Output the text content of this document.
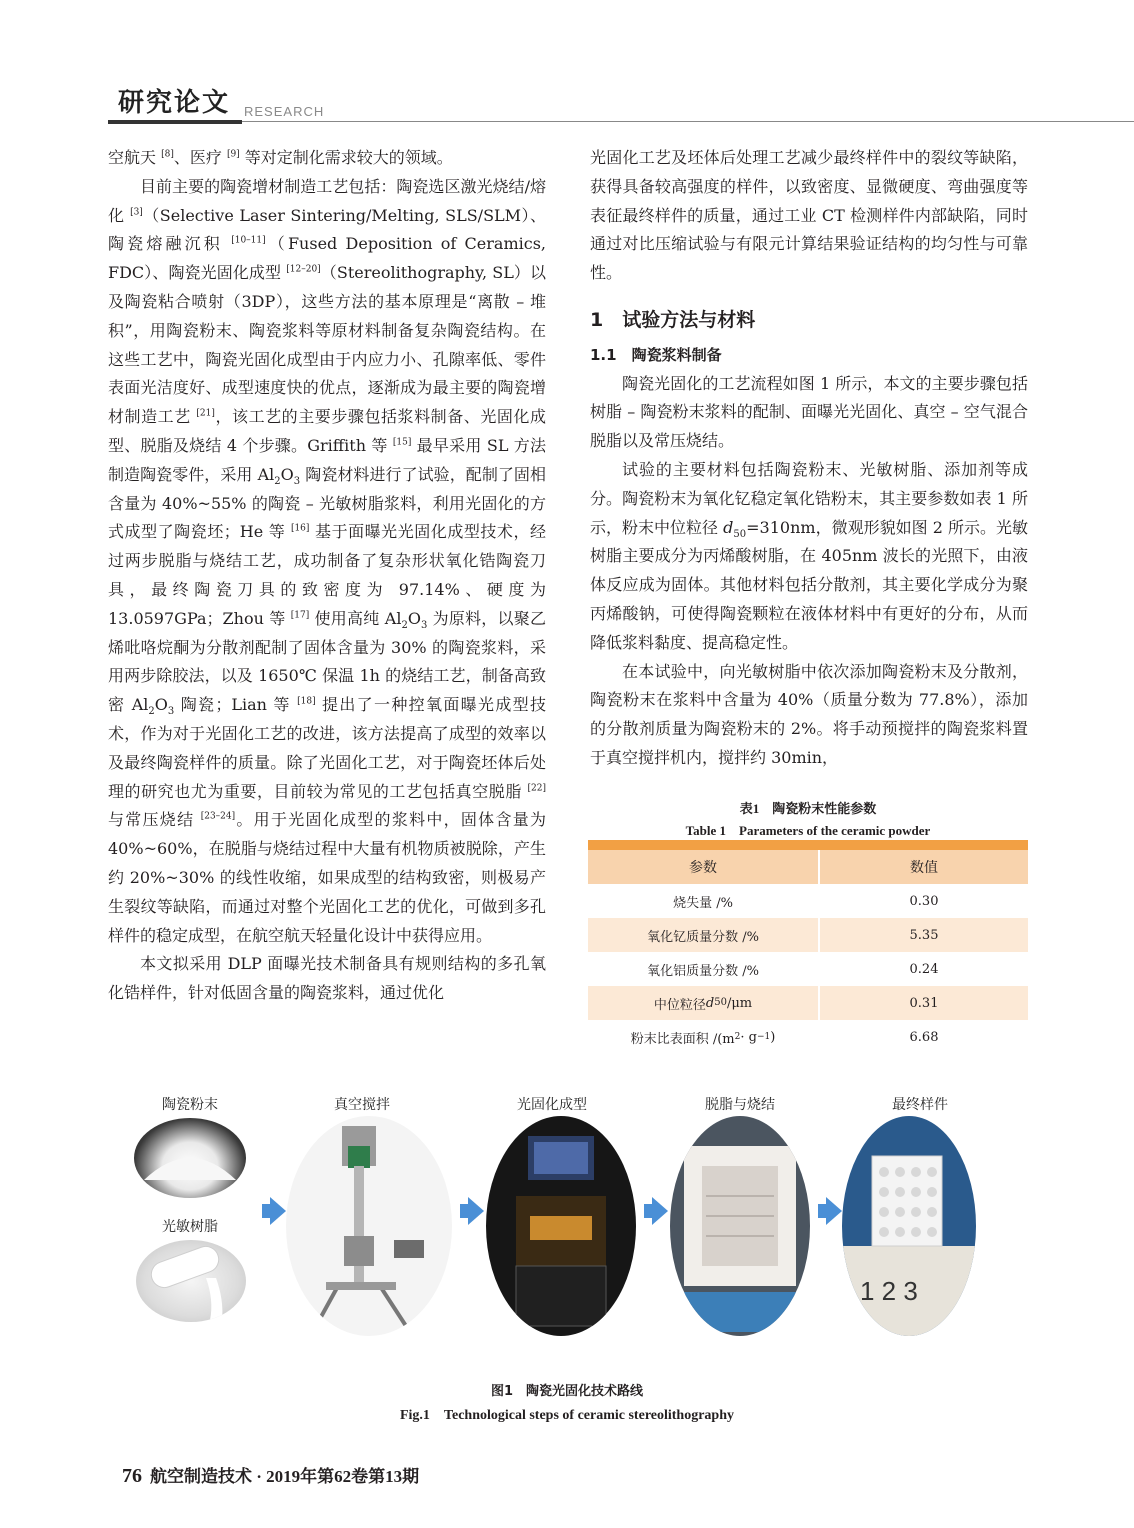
研究论文 RESEARCH

空航天 [8]、医疗 [9] 等对定制化需求较大的领域。

目前主要的陶瓷增材制造工艺包括：陶瓷选区激光烧结/熔化 [3]（Selective Laser Sintering/Melting, SLS/SLM）、陶瓷熔融沉积 [10–11]（Fused Deposition of Ceramics, FDC）、陶瓷光固化成型 [12–20]（Stereolithography, SL）以及陶瓷粘合喷射（3DP），这些方法的基本原理是“离散 – 堆积”，用陶瓷粉末、陶瓷浆料等原材料制备复杂陶瓷结构。在这些工艺中，陶瓷光固化成型由于内应力小、孔隙率低、零件表面光洁度好、成型速度快的优点，逐渐成为最主要的陶瓷增材制造工艺 [21]，该工艺的主要步骤包括浆料制备、光固化成型、脱脂及烧结 4 个步骤。Griffith 等 [15] 最早采用 SL 方法制造陶瓷零件，采用 $Al_2O_3$ 陶瓷材料进行了试验，配制了固相含量为 40%~55% 的陶瓷 – 光敏树脂浆料，利用光固化的方式成型了陶瓷坯；He 等 [16] 基于面曝光光固化成型技术，经过两步脱脂与烧结工艺，成功制备了复杂形状氧化锆陶瓷刀具，最终陶瓷刀具的致密度为 97.14%、硬度为 13.0597GPa；Zhou 等 [17] 使用高纯 $Al_2O_3$ 为原料，以聚乙烯吡咯烷酮为分散剂配制了固体含量为 30% 的陶瓷浆料，采用两步除胶法，以及 1650℃ 保温 1h 的烧结工艺，制备高致密 $Al_2O_3$ 陶瓷；Lian 等 [18] 提出了一种控氧面曝光成型技术，作为对于光固化工艺的改进，该方法提高了成型的效率以及最终陶瓷样件的质量。除了光固化工艺，对于陶瓷坯体后处理的研究也尤为重要，目前较为常见的工艺包括真空脱脂 [22] 与常压烧结 [23–24]。用于光固化成型的浆料中，固体含量为 40%~60%，在脱脂与烧结过程中大量有机物质被脱除，产生约 20%~30% 的线性收缩，如果成型的结构致密，则极易产生裂纹等缺陷，而通过对整个光固化工艺的优化，可做到多孔样件的稳定成型，在航空航天轻量化设计中获得应用。

本文拟采用 DLP 面曝光技术制备具有规则结构的多孔氧化锆样件，针对低固含量的陶瓷浆料，通过优化

光固化工艺及坯体后处理工艺减少最终样件中的裂纹等缺陷，获得具备较高强度的样件，以致密度、显微硬度、弯曲强度等表征最终样件的质量，通过工业 CT 检测样件内部缺陷，同时通过对比压缩试验与有限元计算结果验证结构的均匀性与可靠性。

1　试验方法与材料

1.1　陶瓷浆料制备

陶瓷光固化的工艺流程如图 1 所示，本文的主要步骤包括树脂 – 陶瓷粉末浆料的配制、面曝光光固化、真空 – 空气混合脱脂以及常压烧结。

试验的主要材料包括陶瓷粉末、光敏树脂、添加剂等成分。陶瓷粉末为氧化钇稳定氧化锆粉末，其主要参数如表 1 所示，粉末中位粒径 $d_{50}=310nm$，微观形貌如图 2 所示。光敏树脂主要成分为丙烯酸树脂，在 405nm 波长的光照下，由液体反应成为固体。其他材料包括分散剂，其主要化学成分为聚丙烯酸钠，可使得陶瓷颗粒在液体材料中有更好的分布，从而降低浆料黏度、提高稳定性。

在本试验中，向光敏树脂中依次添加陶瓷粉末及分散剂，陶瓷粉末在浆料中含量为 40%（质量分数为 77.8%），添加的分散剂质量为陶瓷粉末的 2%。将手动预搅拌的陶瓷浆料置于真空搅拌机内，搅拌约 30min，

表1　陶瓷粉末性能参数
Table 1　Parameters of the ceramic powder
参数	数值
烧失量 /%	0.30
氧化钇质量分数 /%	5.35
氧化铝质量分数 /%	0.24
中位粒径 d 50 /μm	0.31
粉末比表面积 /(m 2 · g −1 )	6.68
陶瓷粉末	真空搅拌	光固化成型	脱脂与烧结	最终样件
光敏树脂
1 2 3
图1　陶瓷光固化技术路线
Fig.1　Technological steps of ceramic stereolithography
76 航空制造技术 · 2019年第62卷第13期
